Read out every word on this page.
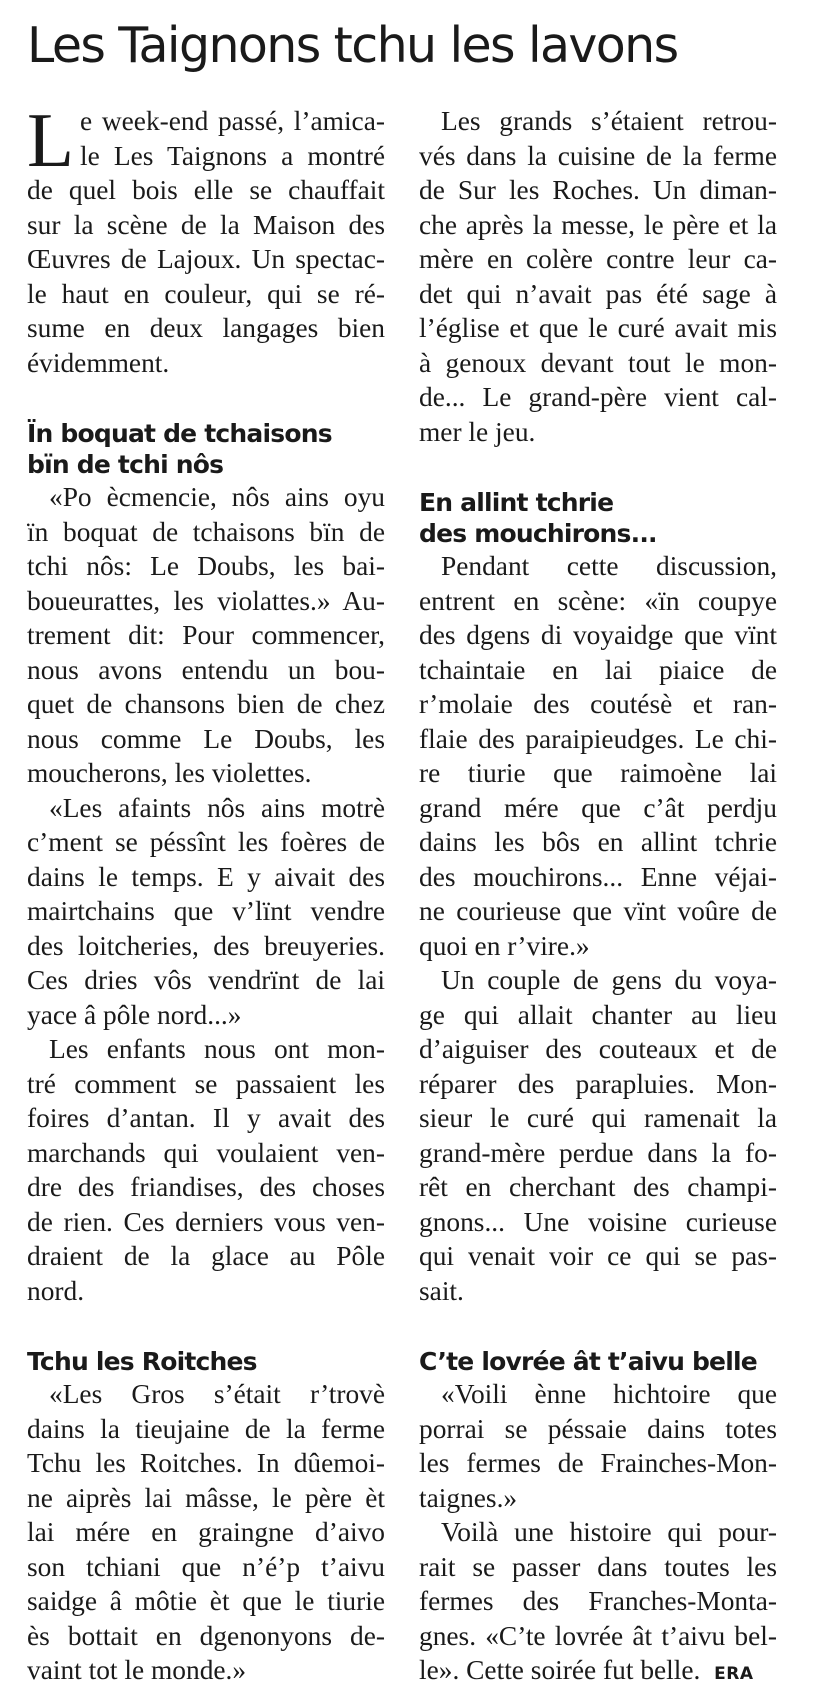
Les Taignons tchu les lavons
L e week-end passé, l’amica-
le Les Taignons a montré
de quel bois elle se chauffait
sur la scène de la Maison des
Œuvres de Lajoux. Un spectac-
le haut en couleur, qui se ré-
sume en deux langages bien
évidemment.
Ïn boquat de tchaisons
bïn de tchi nôs
«Po ècmencie, nôs ains oyu
ïn boquat de tchaisons bïn de
tchi nôs: Le Doubs, les bai-
boueurattes, les violattes.» Au-
trement dit: Pour commencer,
nous avons entendu un bou-
quet de chansons bien de chez
nous comme Le Doubs, les
moucherons, les violettes.
«Les afaints nôs ains motrè
c’ment se péssînt les foères de
dains le temps. E y aivait des
mairtchains que v’lïnt vendre
des loitcheries, des breuyeries.
Ces dries vôs vendrïnt de lai
yace â pôle nord...»
Les enfants nous ont mon-
tré comment se passaient les
foires d’antan. Il y avait des
marchands qui voulaient ven-
dre des friandises, des choses
de rien. Ces derniers vous ven-
draient de la glace au Pôle
nord.
Tchu les Roitches
«Les Gros s’était r’trovè
dains la tieujaine de la ferme
Tchu les Roitches. In dûemoi-
ne aiprès lai mâsse, le père èt
lai mére en graingne d’aivo
son tchiani que n’é’p t’aivu
saidge â môtie èt que le tiurie
ès bottait en dgenonyons de-
vaint tot le monde.»
Les grands s’étaient retrou-
vés dans la cuisine de la ferme
de Sur les Roches. Un diman-
che après la messe, le père et la
mère en colère contre leur ca-
det qui n’avait pas été sage à
l’église et que le curé avait mis
à genoux devant tout le mon-
de... Le grand-père vient cal-
mer le jeu.
En allint tchrie
des mouchirons...
Pendant cette discussion,
entrent en scène: «ïn coupye
des dgens di voyaidge que vïnt
tchaintaie en lai piaice de
r’molaie des coutésè et ran-
flaie des paraipieudges. Le chi-
re tiurie que raimoène lai
grand mére que c’ât perdju
dains les bôs en allint tchrie
des mouchirons... Enne véjai-
ne courieuse que vïnt voûre de
quoi en r’vire.»
Un couple de gens du voya-
ge qui allait chanter au lieu
d’aiguiser des couteaux et de
réparer des parapluies. Mon-
sieur le curé qui ramenait la
grand-mère perdue dans la fo-
rêt en cherchant des champi-
gnons... Une voisine curieuse
qui venait voir ce qui se pas-
sait.
C’te lovrée ât t’aivu belle
«Voili ènne hichtoire que
porrai se péssaie dains totes
les fermes de Frainches-Mon-
taignes.»
Voilà une histoire qui pour-
rait se passer dans toutes les
fermes des Franches-Monta-
gnes. «C’te lovrée ât t’aivu bel-
le». Cette soirée fut belle. ERA
